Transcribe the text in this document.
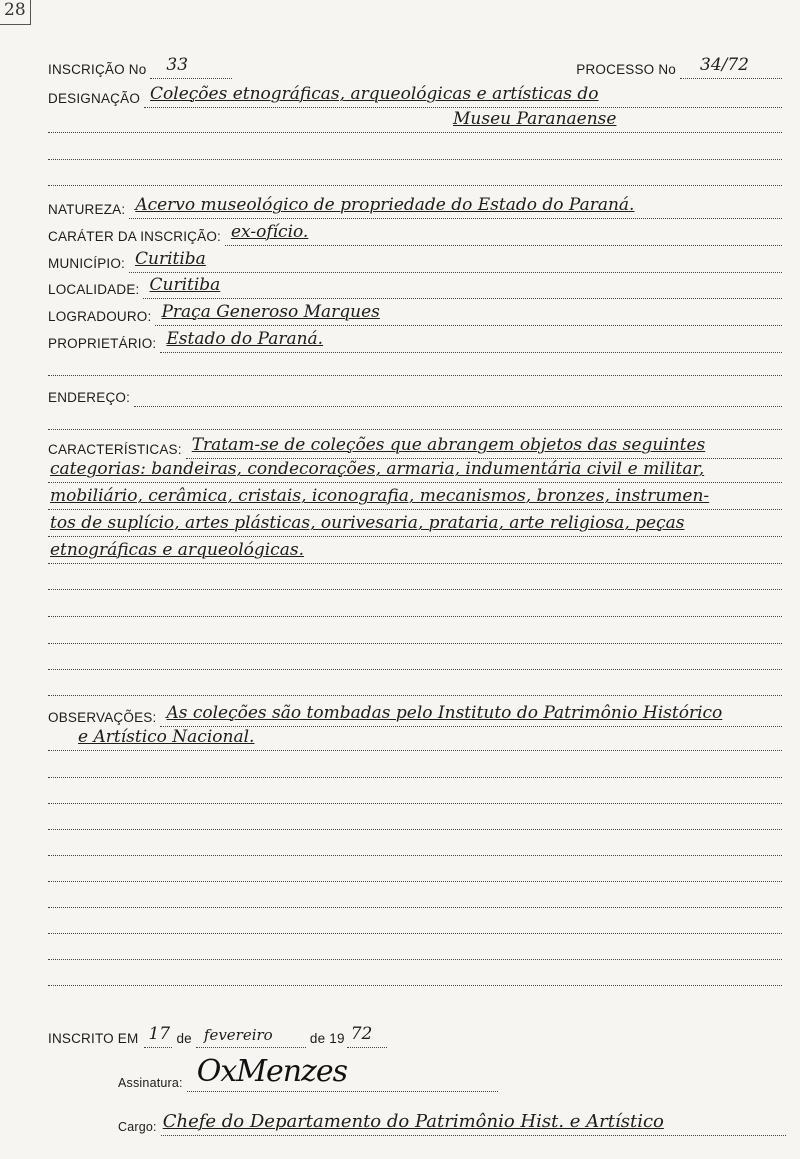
28
INSCRIÇÃO No 33	PROCESSO No 34/72
DESIGNAÇÃO Coleções etnográficas, arqueológicas e artísticas do
Museu Paranaense
NATUREZA: Acervo museológico de propriedade do Estado do Paraná.
CARÁTER DA INSCRIÇÃO: ex-ofício.
MUNICÍPIO: Curitiba
LOCALIDADE: Curitiba
LOGRADOURO: Praça Generoso Marques
PROPRIETÁRIO: Estado do Paraná.
ENDEREÇO:
CARACTERÍSTICAS: Tratam-se de coleções que abrangem objetos das seguintes
categorias: bandeiras, condecorações, armaria, indumentária civil e militar,
mobiliário, cerâmica, cristais, iconografia, mecanismos, bronzes, instrumen-
tos de suplício, artes plásticas, ourivesaria, prataria, arte religiosa, peças
etnográficas e arqueológicas.
OBSERVAÇÕES: As coleções são tombadas pelo Instituto do Patrimônio Histórico
e Artístico Nacional.
INSCRITO EM 17 de fevereiro	de 19 72
Assinatura: OxMenzes
Cargo: Chefe do Departamento do Patrimônio Hist. e Artístico
